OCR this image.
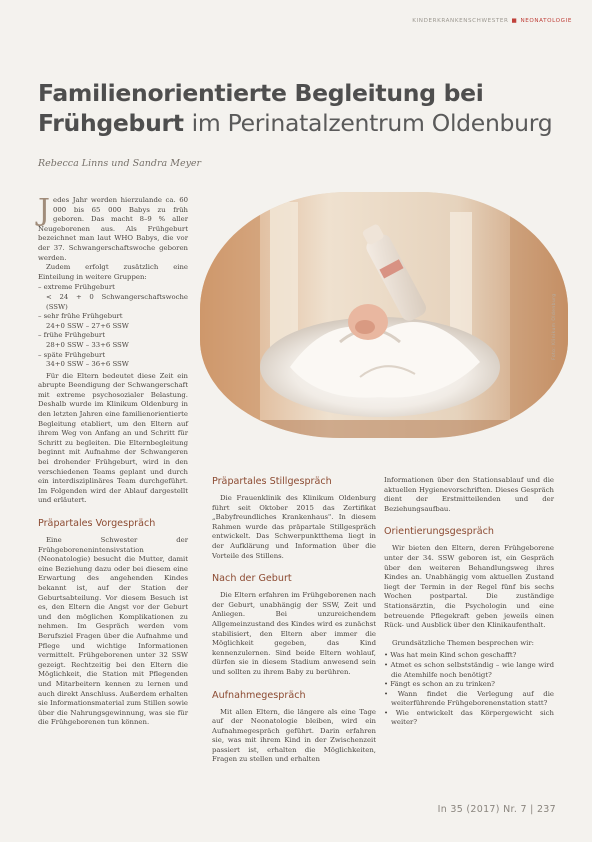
KINDERKRANKENSCHWESTER ■ NEONATOLOGIE
Familienorientierte Begleitung bei Frühgeburt im Perinatalzentrum Oldenburg
Rebecca Linns und Sandra Meyer
Foto: Klinikum Oldenburg

Jedes Jahr werden hierzulande ca. 60 000 bis 65 000 Babys zu früh geboren. Das macht 8–9 % aller Neugeborenen aus. Als Frühgeburt bezeichnet man laut WHO Babys, die vor der 37. Schwangerschaftswoche geboren werden.

Zudem erfolgt zusätzlich eine Einteilung in weitere Gruppen:

– extreme Frühgeburt
< 24 + 0 Schwangerschaftswoche (SSW)
– sehr frühe Frühgeburt
24+0 SSW – 27+6 SSW
– frühe Frühgeburt
28+0 SSW – 33+6 SSW
– späte Frühgeburt
34+0 SSW – 36+6 SSW

Für die Eltern bedeutet diese Zeit ein abrupte Beendigung der Schwangerschaft mit extreme psychosozialer Belastung. Deshalb wurde im Klinikum Oldenburg in den letzten Jahren eine familienorientierte Begleitung etabliert, um den Eltern auf ihrem Weg von Anfang an und Schritt für Schritt zu begleiten. Die Elternbegleitung beginnt mit Aufnahme der Schwangeren bei drohender Frühgeburt, wird in den verschiedenen Teams geplant und durch ein interdisziplinäres Team durchgeführt. Im Folgenden wird der Ablauf dargestellt und erläutert.

Präpartales Vorgespräch

Eine Schwester der Frühgeborenenintensivstation (Neonatologie) besucht die Mutter, damit eine Beziehung dazu oder bei diesem eine Erwartung des angehenden Kindes bekannt ist, auf der Station der Geburtsabteilung. Vor diesem Besuch ist es, den Eltern die Angst vor der Geburt und den möglichen Komplikationen zu nehmen. Im Gespräch werden vom Berufsziel Fragen über die Aufnahme und Pflege und wichtige Informationen vermittelt. Frühgeborenen unter 32 SSW gezeigt. Rechtzeitig bei den Eltern die Möglichkeit, die Station mit Pflegenden und Mitarbeitern kennen zu lernen und auch direkt Anschluss. Außerdem erhalten sie Informationsmaterial zum Stillen sowie über die Nahrungsgewinnung, was sie für die Frühgeborenen tun können.

Präpartales Stillgespräch

Die Frauenklinik des Klinikum Oldenburg führt seit Oktober 2015 das Zertifikat „Babyfreundliches Krankenhaus". In diesem Rahmen wurde das präpartale Stillgespräch entwickelt. Das Schwerpunktthema liegt in der Aufklärung und Information über die Vorteile des Stillens.

Nach der Geburt

Die Eltern erfahren im Frühgeborenen nach der Geburt, unabhängig der SSW, Zeit und Anliegen. Bei unzureichendem Allgemeinzustand des Kindes wird es zunächst stabilisiert, den Eltern aber immer die Möglichkeit gegeben, das Kind kennenzulernen. Sind beide Eltern wohlauf, dürfen sie in diesem Stadium anwesend sein und sollten zu ihrem Baby zu berühren.

Aufnahmegespräch

Mit allen Eltern, die längere als eine Tage auf der Neonatologie bleiben, wird ein Aufnahmegespräch geführt. Darin erfahren sie, was mit ihrem Kind in der Zwischenzeit passiert ist, erhalten die Möglichkeiten, Fragen zu stellen und erhalten

Informationen über den Stationsablauf und die aktuellen Hygienevorschriften. Dieses Gespräch dient der Erstmitteilenden und der Beziehungsaufbau.

Orientierungsgespräch

Wir bieten den Eltern, deren Frühgeborene unter der 34. SSW geboren ist, ein Gespräch über den weiteren Behandlungsweg ihres Kindes an. Unabhängig vom aktuellen Zustand liegt der Termin in der Regel fünf bis sechs Wochen postpartal. Die zuständige Stationsärztin, die Psychologin und eine betreuende Pflegekraft geben jeweils einen Rück- und Ausblick über den Klinikaufenthalt.

Grundsätzliche Themen besprechen wir:

• Was hat mein Kind schon geschafft?
• Atmet es schon selbstständig – wie lange wird die Atemhilfe noch benötigt?
• Fängt es schon an zu trinken?
• Wann findet die Verlegung auf die weiterführende Frühgeborenenstation statt?
• Wie entwickelt das Körpergewicht sich weiter?
In 35 (2017) Nr. 7 | 237
